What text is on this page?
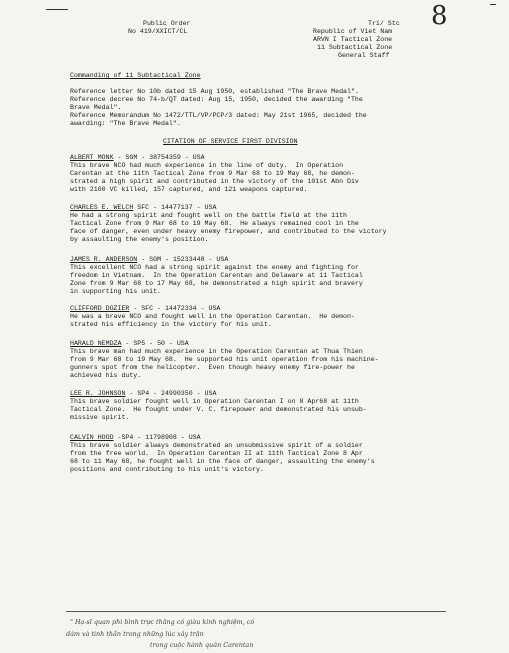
8
Public Order
No 419/XXICT/CL
Trí/ Stc
Republic of Viet Nam
ARVN I Tactical Zone
11 Subtactical Zone
General Staff
Commanding of 11 Subtactical Zone
Reference letter No 10b dated 15 Aug 1950, established "The Brave Medal".
Reference decree No 74-b/QT dated: Aug 15, 1950, decided the awarding "The
Brave Medal".
Reference Memorandum No 1472/TTL/VP/PCP/3 dated: May 21st 1965, decided the
awarding: "The Brave Medal".
CITATION OF SERVICE FIRST DIVISION
ALBERT MONK - SGM - 38754359 - USA
This brave NCO had much experience in the line of duty.  In Operation
Carentan at the 11th Tactical Zone from 9 Mar 68 to 19 May 68, he demon-
strated a high spirit and contributed in the victory of the 101st Abn Div
with 2100 VC killed, 157 captured, and 121 weapons captured.
CHARLES E. WELCH SFC - 14477137 - USA
He had a strong spirit and fought well on the battle field at the 11th
Tactical Zone from 9 Mar 68 to 19 May 68.  He always remained cool in the
face of danger, even under heavy enemy firepower, and contributed to the victory
by assaulting the enemy's position.
JAMES R. ANDERSON - SGM - 15233448 - USA
This excellent NCO had a strong spirit against the enemy and fighting for
freedom in Vietnam.  In the Operation Carentan and Delaware at 11 Tactical
Zone from 9 Mar 68 to 17 May 68, he demonstrated a high spirit and bravery
in supporting his unit.
CLIFFORD DOZIER - SFC - 14472334 - USA
He was a brave NCO and fought well in the Operation Carentan.  He demon-
strated his efficiency in the victory for his unit.
HARALD NEMDZA - SP5 - 50 - USA
This brave man had much experience in the Operation Carentan at Thua Thien
from 9 Mar 68 to 19 May 68.  He supported his unit operation from his machine-
gunners spot from the helicopter.  Even though heavy enemy fire-power he
achieved his duty.
LEE R. JOHNSON - SP4 - 24990350 - USA
This brave soldier fought well in Operation Carentan I on 8 Apr68 at 11th
Tactical Zone.  He fought under V. C. firepower and demonstrated his unsub-
missive spirit.
CALVIN HOOD -SP4 - 11798908 - USA
This brave soldier always demonstrated an unsubmissive spirit of a soldier
from the free world.  In Operation Carentan II at 11th Tactical Zone 8 Apr
68 to 11 May 68, he fought well in the face of danger, assaulting the enemy's
positions and contributing to his unit's victory.
" Hạ-sĩ quan phi bình trực thăng có giàu kinh nghiệm, có
dám và tinh thần trong những lúc xây trận
trong cuộc hành quân Carentan
